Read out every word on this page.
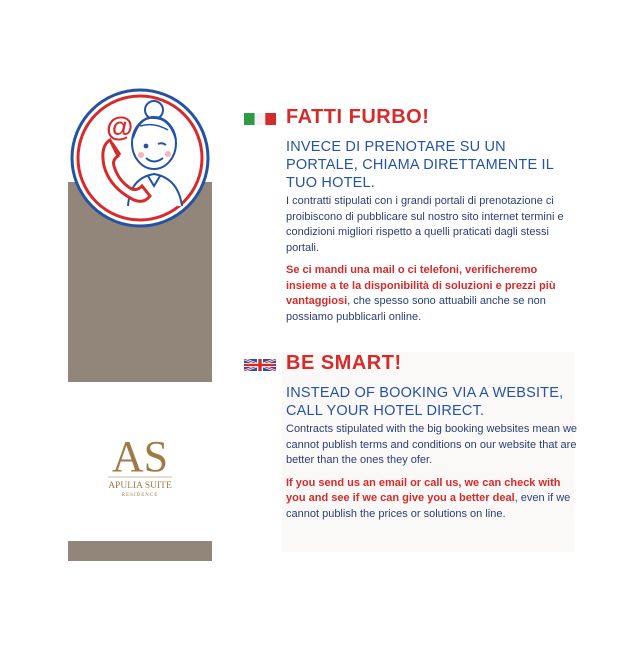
@
AS
APULIA SUITE
RESIDENCE
FATTI FURBO!

INVECE DI PRENOTARE SU UN PORTALE, CHIAMA DIRETTAMENTE IL TUO HOTEL.

I contratti stipulati con i grandi portali di prenotazione ci proibiscono di pubblicare sul nostro sito internet termini e condizioni migliori rispetto a quelli praticati dagli stessi portali.

Se ci mandi una mail o ci telefoni, verificheremo insieme a te la disponibilità di soluzioni e prezzi più vantaggiosi, che spesso sono attuabili anche se non possiamo pubblicarli online.

BE SMART!

INSTEAD OF BOOKING VIA A WEBSITE, CALL YOUR HOTEL DIRECT.

Contracts stipulated with the big booking websites mean we cannot publish terms and conditions on our website that are better than the ones they ofer.

If you send us an email or call us, we can check with you and see if we can give you a better deal, even if we cannot publish the prices or solutions on line.
